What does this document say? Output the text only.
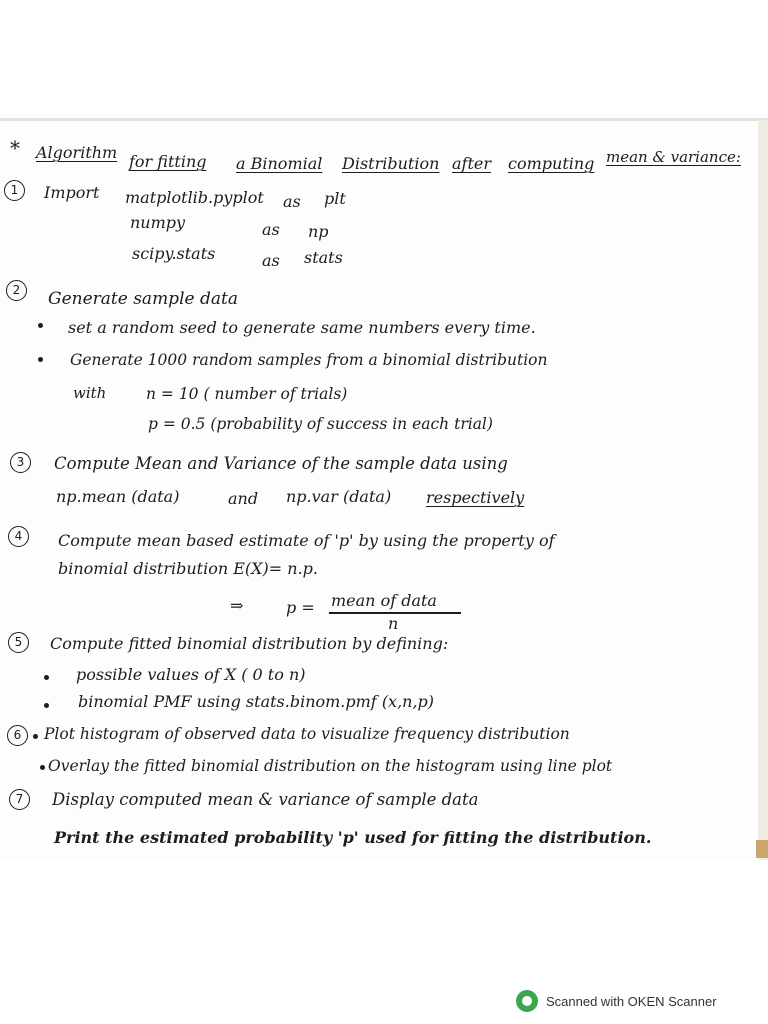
* Algorithm for fitting a Binomial Distribution after computing mean & variance:
1	Import matplotlib.pyplot as plt
numpy	as np
scipy.stats	as stats
2	Generate sample data
set a random seed to generate same numbers every time.
Generate 1000 random samples from a binomial distribution
with	n = 10 ( number of trials)
p = 0.5 (probability of success in each trial)
3	Compute Mean and Variance of the sample data using
np.mean (data)	and np.var (data) respectively
4	Compute mean based estimate of 'p' by using the property of
binomial distribution E(X)= n.p.
⇒	p = mean of data
n
5	Compute fitted binomial distribution by defining:
possible values of X ( 0 to n)
binomial PMF using stats.binom.pmf (x,n,p)
6	Plot histogram of observed data to visualize frequency distribution
Overlay the fitted binomial distribution on the histogram using line plot
7	Display computed mean & variance of sample data
Print the estimated probability 'p' used for fitting the distribution.
Scanned with OKEN Scanner
